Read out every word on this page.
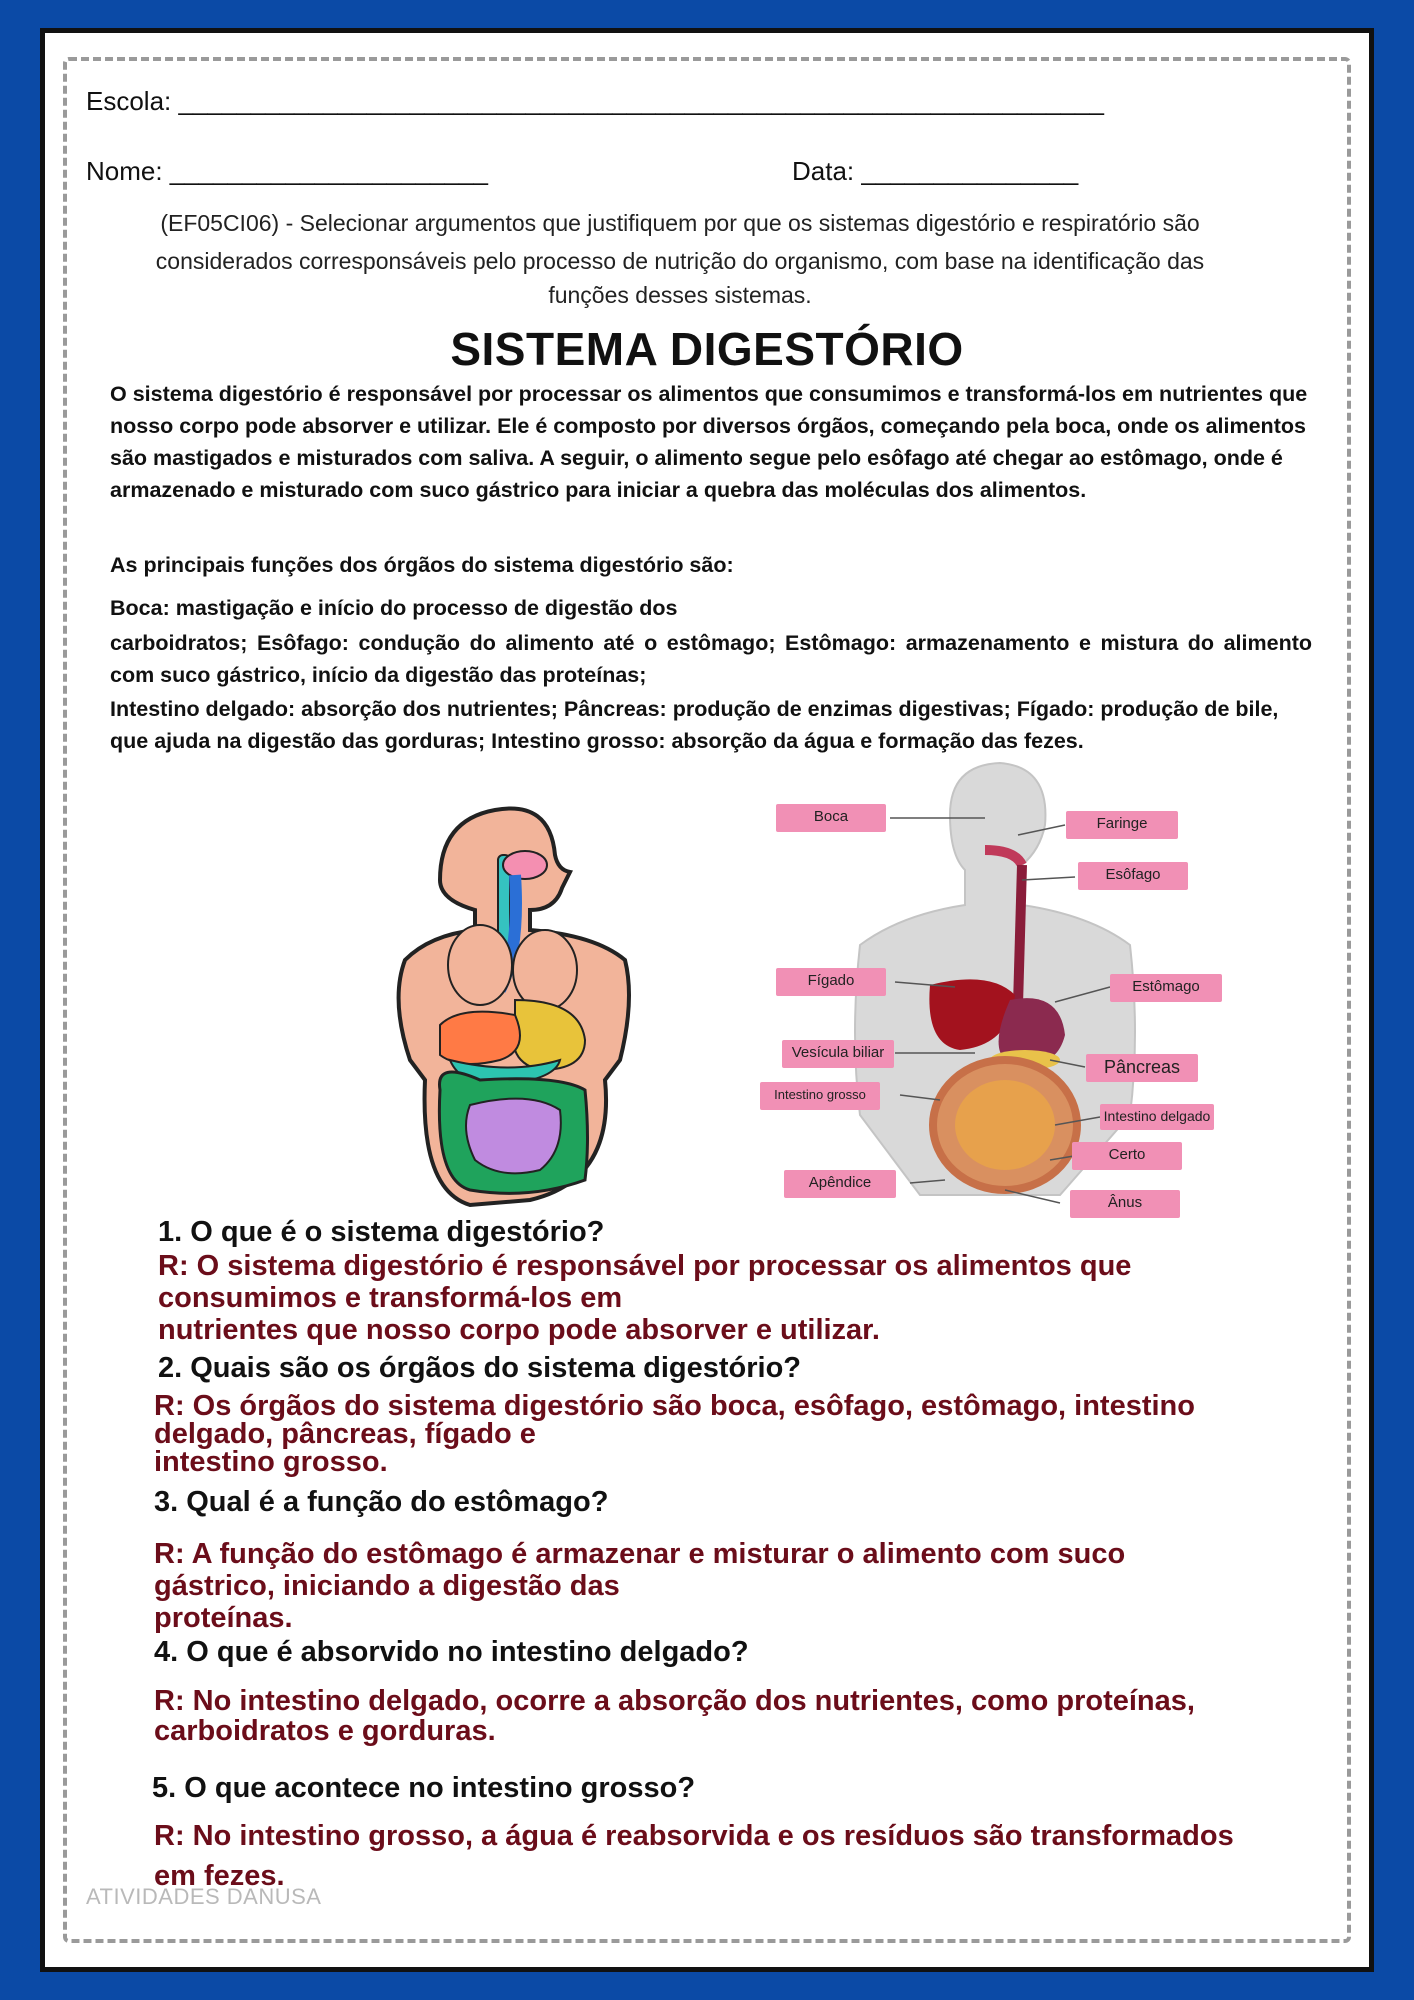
Escola: ________________________________________________________________
Nome: ______________________	Data: _______________
(EF05CI06) - Selecionar argumentos que justifiquem por que os sistemas digestório e respiratório são
considerados corresponsáveis pelo processo de nutrição do organismo, com base na identificação das
funções desses sistemas.
SISTEMA DIGESTÓRIO
O sistema digestório é responsável por processar os alimentos que consumimos e transformá-los em nutrientes que nosso corpo pode absorver e utilizar. Ele é composto por diversos órgãos, começando pela boca, onde os alimentos são mastigados e misturados com saliva. A seguir, o alimento segue pelo esôfago até chegar ao estômago, onde é armazenado e misturado com suco gástrico para iniciar a quebra das moléculas dos alimentos.
As principais funções dos órgãos do sistema digestório são:
Boca: mastigação e início do processo de digestão dos
carboidratos; Esôfago: condução do alimento até o estômago; Estômago: armazenamento e mistura do alimento com suco gástrico, início da digestão das proteínas;
Intestino delgado: absorção dos nutrientes; Pâncreas: produção de enzimas digestivas; Fígado: produção de bile, que ajuda na digestão das gorduras; Intestino grosso: absorção da água e formação das fezes.
Boca	Faringe
Esôfago
Fígado	Estômago
Vesícula biliar
Pâncreas
Intestino grosso
Intestino delgado
Certo
Apêndice
Ânus
1. O que é o sistema digestório?
R: O sistema digestório é responsável por processar os alimentos que
consumimos e transformá-los em
nutrientes que nosso corpo pode absorver e utilizar.
2. Quais são os órgãos do sistema digestório?
R: Os órgãos do sistema digestório são boca, esôfago, estômago, intestino
delgado, pâncreas, fígado e
intestino grosso.
3. Qual é a função do estômago?
R: A função do estômago é armazenar e misturar o alimento com suco
gástrico, iniciando a digestão das
proteínas.
4. O que é absorvido no intestino delgado?
R: No intestino delgado, ocorre a absorção dos nutrientes, como proteínas,
carboidratos e gorduras.
5. O que acontece no intestino grosso?
R: No intestino grosso, a água é reabsorvida e os resíduos são transformados
em fezes.
ATIVIDADES DANUSA
